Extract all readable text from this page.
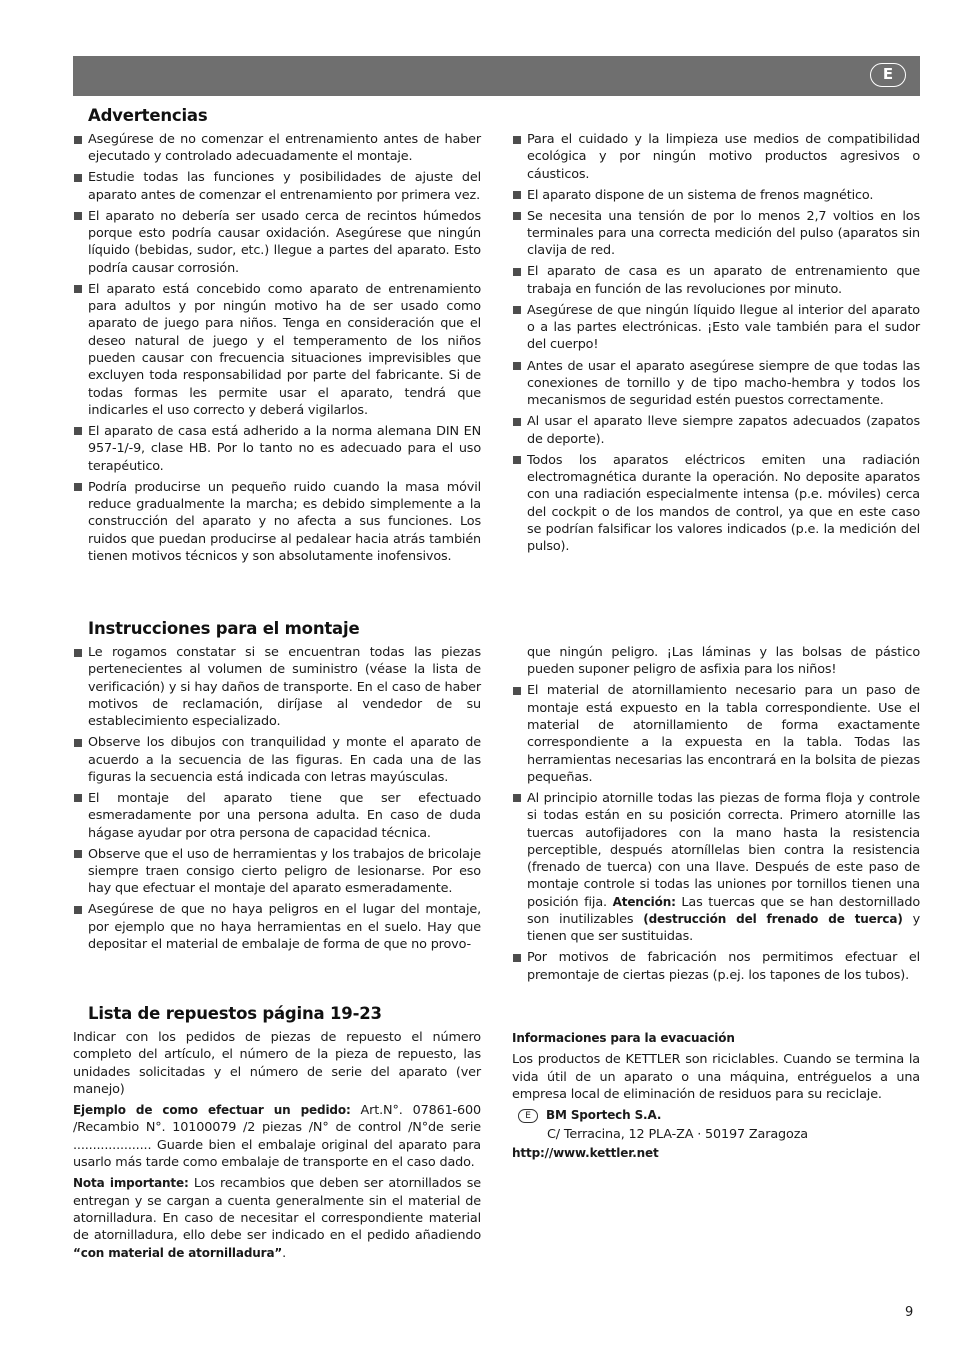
E
Advertencias
Asegúrese de no comenzar el entrenamiento antes de haber ejecutado y controlado adecuadamente el montaje.
Estudie todas las funciones y posibilidades de ajuste del aparato antes de comenzar el entrenamiento por primera vez.
El aparato no debería ser usado cerca de recintos húmedos porque esto podría causar oxidación. Asegúrese que ningún líquido (bebidas, sudor, etc.) llegue a partes del aparato. Esto podría causar corrosión.
El aparato está concebido como aparato de entrenamiento para adultos y por ningún motivo ha de ser usado como aparato de juego para niños. Tenga en consideración que el deseo natural de juego y el temperamento de los niños pueden causar con frecuencia situaciones imprevisibles que excluyen toda responsabilidad por parte del fabricante. Si de todas formas les permite usar el aparato, tendrá que indicarles el uso correcto y deberá vigilarlos.
El aparato de casa está adherido a la norma alemana DIN EN 957-1/-9, clase HB. Por lo tanto no es adecuado para el uso terapéutico.
Podría producirse un pequeño ruido cuando la masa móvil reduce gradualmente la marcha; es debido simplemente a la construcción del aparato y no afecta a sus funciones. Los ruidos que puedan producirse al pedalear hacia atrás también tienen motivos técnicos y son absolutamente inofensivos.
Para el cuidado y la limpieza use medios de compatibilidad ecológica y por ningún motivo productos agresivos o cáusticos.
El aparato dispone de un sistema de frenos magnético.
Se necesita una tensión de por lo menos 2,7 voltios en los terminales para una correcta medición del pulso (aparatos sin clavija de red.
El aparato de casa es un aparato de entrenamiento que trabaja en función de las revoluciones por minuto.
Asegúrese de que ningún líquido llegue al interior del aparato o a las partes electrónicas. ¡Esto vale también para el sudor del cuerpo!
Antes de usar el aparato asegúrese siempre de que todas las conexiones de tornillo y de tipo macho-hembra y todos los mecanismos de seguridad estén puestos correctamente.
Al usar el aparato lleve siempre zapatos adecuados (zapatos de deporte).
Todos los aparatos eléctricos emiten una radiación electromagnética durante la operación. No deposite aparatos con una radiación especialmente intensa (p.e. móviles) cerca del cockpit o de los mandos de control, ya que en este caso se podrían falsificar los valores indicados (p.e. la medición del pulso).
Instrucciones para el montaje
Le rogamos constatar si se encuentran todas las piezas pertenecientes al volumen de suministro (véase la lista de verificación) y si hay daños de transporte. En el caso de haber motivos de reclamación, diríjase al vendedor de su establecimiento especializado.
Observe los dibujos con tranquilidad y monte el aparato de acuerdo a la secuencia de las figuras. En cada una de las figuras la secuencia está indicada con letras mayúsculas.
El montaje del aparato tiene que ser efectuado esmeradamente por una persona adulta. En caso de duda hágase ayudar por otra persona de capacidad técnica.
Observe que el uso de herramientas y los trabajos de bricolaje siempre traen consigo cierto peligro de lesionarse. Por eso hay que efectuar el montaje del aparato esmeradamente.
Asegúrese de que no haya peligros en el lugar del montaje, por ejemplo que no haya herramientas en el suelo. Hay que depositar el material de embalaje de forma de que no provo-
que ningún peligro. ¡Las láminas y las bolsas de pástico pueden suponer peligro de asfixia para los niños!
El material de atornillamiento necesario para un paso de montaje está expuesto en la tabla correspondiente. Use el material de atornillamiento de forma exactamente correspondiente a la expuesta en la tabla. Todas las herramientas necesarias las encontrará en la bolsita de piezas pequeñas.
Al principio atornille todas las piezas de forma floja y controle si todas están en su posición correcta. Primero atornille las tuercas autofijadores con la mano hasta la resistencia perceptible, después atorníllelas bien contra la resistencia (frenado de tuerca) con una llave. Después de este paso de montaje controle si todas las uniones por tornillos tienen una posición fija. Atención: Las tuercas que se han destornillado son inutilizables (destrucción del frenado de tuerca) y tienen que ser sustituidas.
Por motivos de fabricación nos permitimos efectuar el premontaje de ciertas piezas (p.ej. los tapones de los tubos).
Lista de repuestos página 19-23

Indicar con los pedidos de piezas de repuesto el número completo del artículo, el número de la pieza de repuesto, las unidades solicitadas y el número de serie del aparato (ver manejo)

Ejemplo de como efectuar un pedido: Art.N°. 07861-600 /Recambio N°. 10100079 /2 piezas /N° de control /N°de serie .................... Guarde bien el embalaje original del aparato para usarlo más tarde como embalaje de transporte en el caso dado.

Nota importante: Los recambios que deben ser atornillados se entregan y se cargan a cuenta generalmente sin el material de atornilladura. En caso de necesitar el correspondiente material de atornilladura, ello debe ser indicado en el pedido añadiendo “con material de atornilladura”.

Informaciones para la evacuación

Los productos de KETTLER son riciclables. Cuando se termina la vida útil de un aparato o una máquina, entréguelos a una empresa local de eliminación de residuos para su reciclaje.

E BM Sportech S.A.

C/ Terracina, 12 PLA-ZA · 50197 Zaragoza

http://www.kettler.net

9
